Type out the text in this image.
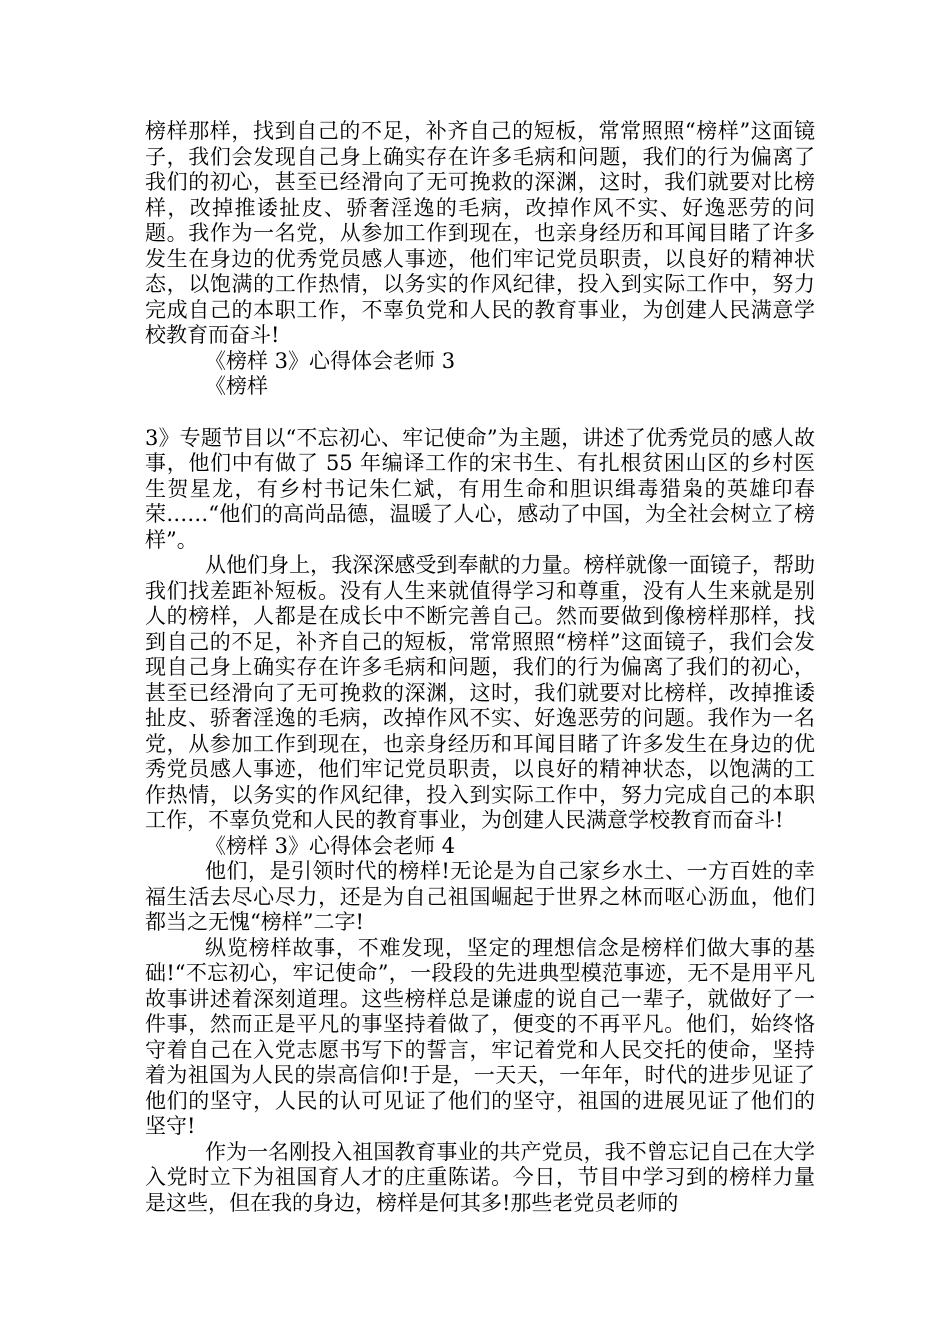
榜样那样，找到自己的不足，补齐自己的短板，常常照照“榜样”这面镜子，我们会发现自己身上确实存在许多毛病和问题，我们的行为偏离了我们的初心，甚至已经滑向了无可挽救的深渊，这时，我们就要对比榜样，改掉推诿扯皮、骄奢淫逸的毛病，改掉作风不实、好逸恶劳的问题。我作为一名党，从参加工作到现在，也亲身经历和耳闻目睹了许多发生在身边的优秀党员感人事迹，他们牢记党员职责，以良好的精神状态，以饱满的工作热情，以务实的作风纪律，投入到实际工作中，努力完成自己的本职工作，不辜负党和人民的教育事业，为创建人民满意学校教育而奋斗!

《榜样 3》心得体会老师 3

《榜样

3》专题节目以“不忘初心、牢记使命”为主题，讲述了优秀党员的感人故事，他们中有做了 55 年编译工作的宋书生、有扎根贫困山区的乡村医生贺星龙，有乡村书记朱仁斌，有用生命和胆识缉毒猎枭的英雄印春荣……“他们的高尚品德，温暖了人心，感动了中国，为全社会树立了榜样”。

从他们身上，我深深感受到奉献的力量。榜样就像一面镜子，帮助我们找差距补短板。没有人生来就值得学习和尊重，没有人生来就是别人的榜样，人都是在成长中不断完善自己。然而要做到像榜样那样，找到自己的不足，补齐自己的短板，常常照照“榜样”这面镜子，我们会发现自己身上确实存在许多毛病和问题，我们的行为偏离了我们的初心，甚至已经滑向了无可挽救的深渊，这时，我们就要对比榜样，改掉推诿扯皮、骄奢淫逸的毛病，改掉作风不实、好逸恶劳的问题。我作为一名党，从参加工作到现在，也亲身经历和耳闻目睹了许多发生在身边的优秀党员感人事迹，他们牢记党员职责，以良好的精神状态，以饱满的工作热情，以务实的作风纪律，投入到实际工作中，努力完成自己的本职工作，不辜负党和人民的教育事业，为创建人民满意学校教育而奋斗!

《榜样 3》心得体会老师 4

他们，是引领时代的榜样!无论是为自己家乡水土、一方百姓的幸福生活去尽心尽力，还是为自己祖国崛起于世界之林而呕心沥血，他们都当之无愧“榜样”二字!

纵览榜样故事，不难发现，坚定的理想信念是榜样们做大事的基础!“不忘初心，牢记使命”，一段段的先进典型模范事迹，无不是用平凡故事讲述着深刻道理。这些榜样总是谦虚的说自己一辈子，就做好了一件事，然而正是平凡的事坚持着做了，便变的不再平凡。他们，始终恪守着自己在入党志愿书写下的誓言，牢记着党和人民交托的使命，坚持着为祖国为人民的崇高信仰!于是，一天天，一年年，时代的进步见证了他们的坚守，人民的认可见证了他们的坚守，祖国的进展见证了他们的坚守!

作为一名刚投入祖国教育事业的共产党员，我不曾忘记自己在大学入党时立下为祖国育人才的庄重陈诺。今日，节目中学习到的榜样力量是这些，但在我的身边，榜样是何其多!那些老党员老师的
